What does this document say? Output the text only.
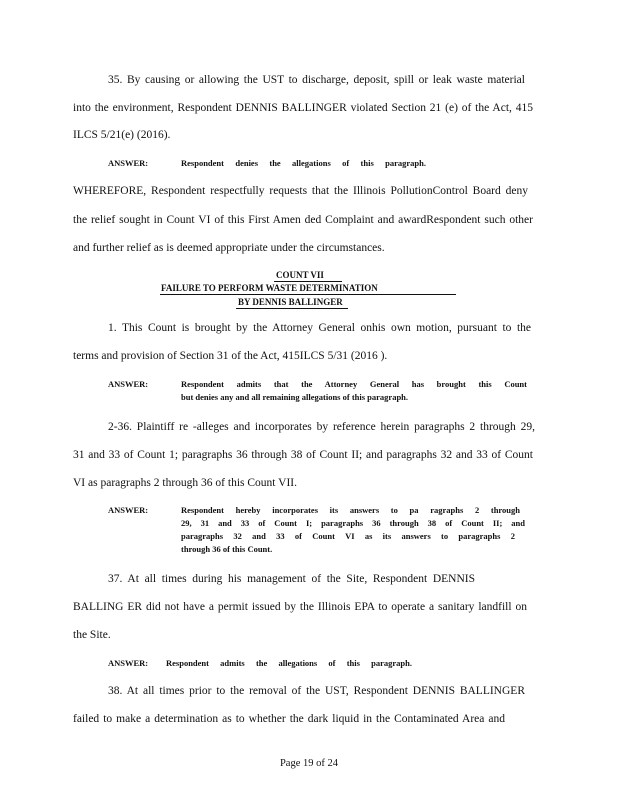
35. By causing or allowing the UST to discharge, deposit, spill or leak waste material
into the environment, Respondent DENNIS BALLINGER violated Section 21 (e) of the Act, 415
ILCS 5/21(e) (2016).
ANSWER:	Respondent denies the allegations of this paragraph.
WHEREFORE, Respondent respectfully requests that the Illinois PollutionControl Board deny
the relief sought in Count VI of this First Amen ded Complaint and awardRespondent such other
and further relief as is deemed appropriate under the circumstances.
COUNT VII
FAILURE TO PERFORM WASTE DETERMINATION
BY DENNIS BALLINGER
1. This Count is brought by the Attorney General onhis own motion, pursuant to the
terms and provision of Section 31 of the Act, 415ILCS 5/31 (2016 ).
ANSWER:	Respondent admits that the Attorney General has brought this Count
but denies any and all remaining allegations of this paragraph.
2-36. Plaintiff re -alleges and incorporates by reference herein paragraphs 2 through 29,
31 and 33 of Count 1; paragraphs 36 through 38 of Count II; and paragraphs 32 and 33 of Count
VI as paragraphs 2 through 36 of this Count VII.
ANSWER:	Respondent hereby incorporates its answers to pa ragraphs 2 through
29, 31 and 33 of Count I; paragraphs 36 through 38 of Count II; and
paragraphs 32 and 33 of Count VI as its answers to paragraphs 2
through 36 of this Count.
37. At all times during his management of the Site, Respondent DENNIS
BALLING ER did not have a permit issued by the Illinois EPA to operate a sanitary landfill on
the Site.
ANSWER: Respondent admits the allegations of this paragraph.
38. At all times prior to the removal of the UST, Respondent DENNIS BALLINGER
failed to make a determination as to whether the dark liquid in the Contaminated Area and
Page 19 of 24
